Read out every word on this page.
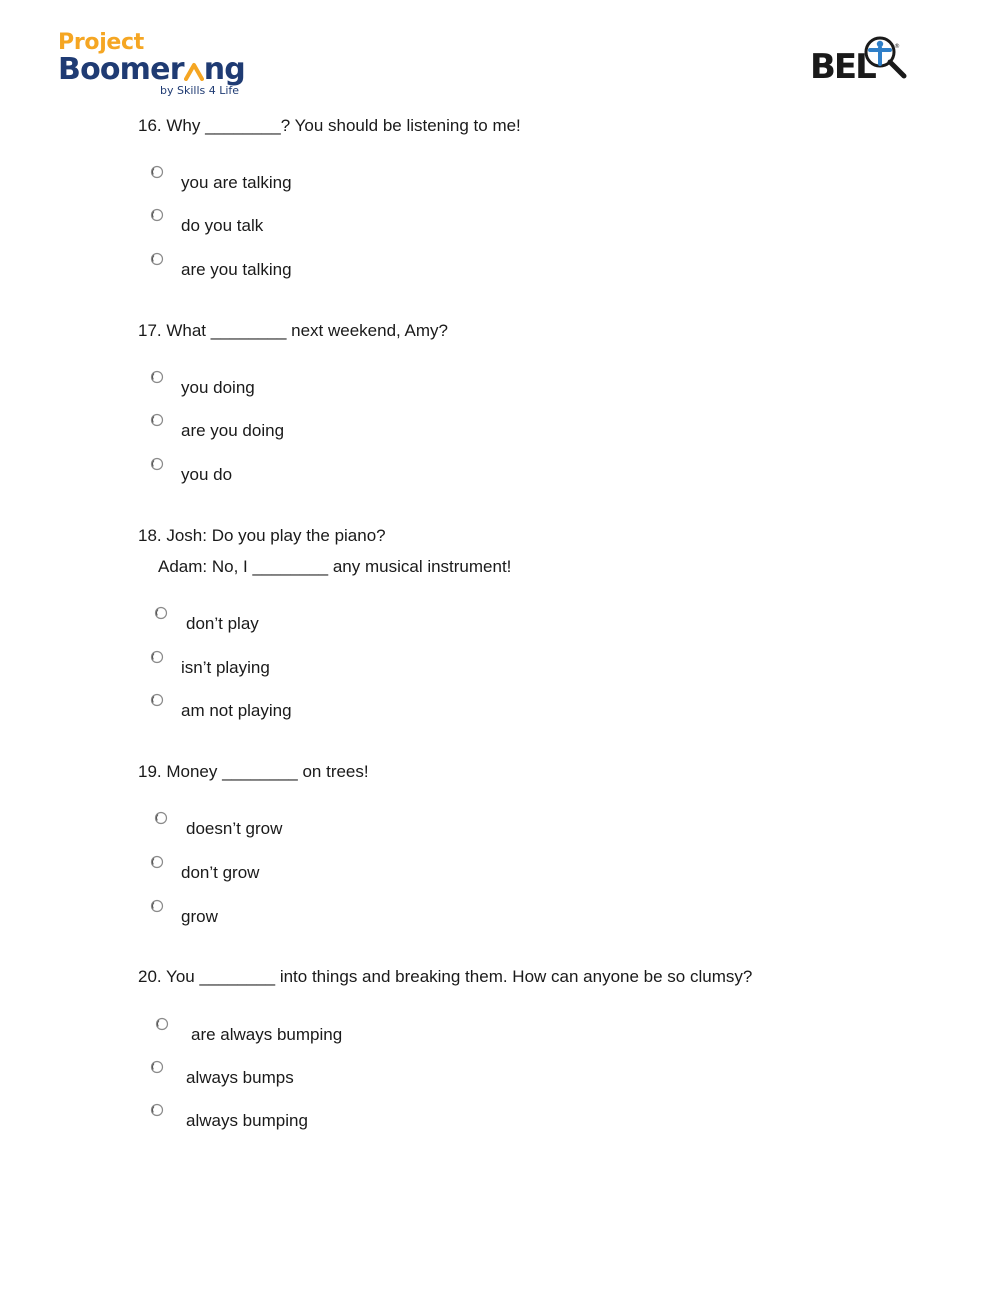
Project
Boomer ng
by Skills 4 Life
BEL
®
16. Why ________? You should be listening to me!
you are talking
do you talk
are you talking
17. What ________ next weekend, Amy?
you doing
are you doing
you do
18. Josh: Do you play the piano?
Adam: No, I ________ any musical instrument!
don’t play
isn’t playing
am not playing
19. Money ________ on trees!
doesn’t grow
don’t grow
grow
20. You ________ into things and breaking them. How can anyone be so clumsy?
are always bumping
always bumps
always bumping
